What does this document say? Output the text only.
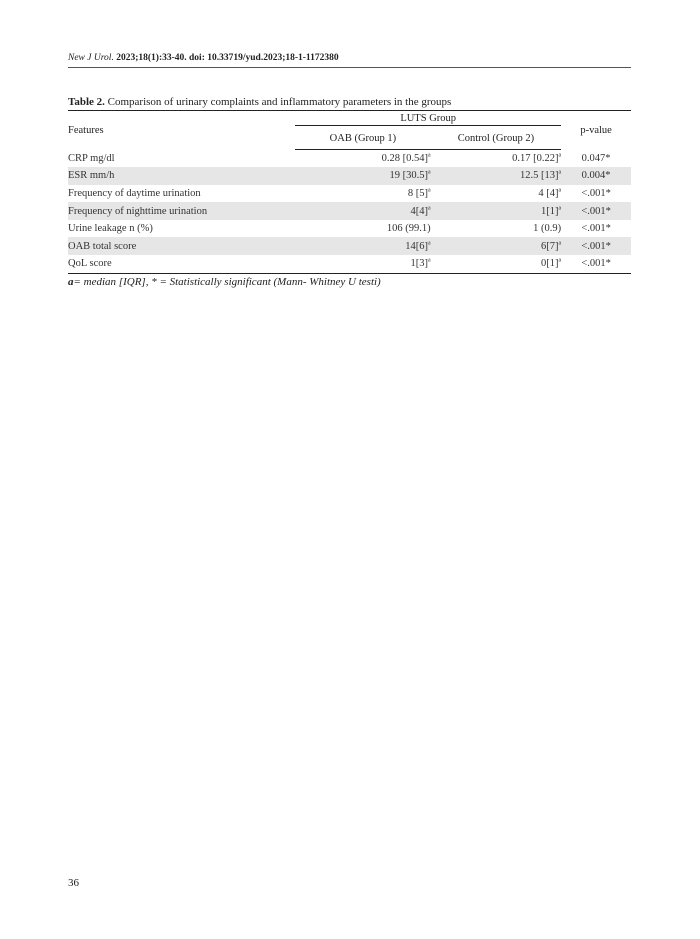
New J Urol. 2023;18(1):33-40. doi: 10.33719/yud.2023;18-1-1172380
Table 2. Comparison of urinary complaints and inflammatory parameters in the groups
Features	LUTS Group		p-value
	OAB (Group 1)	Control (Group 2)	
CRP mg/dl	0.28 $[0.54]^a$	0.17 $[0.22]^a$	0.047*
ESR mm/h	19 $[30.5]^a$	12.5 $[13]^a$	0.004*
Frequency of daytime urination	8 $[5]^a$	4 $[4]^a$	<.001*
Frequency of nighttime urination	$4[4]^a$	$1[1]^a$	<.001*
Urine leakage n (%)	106 (99.1)	1 (0.9)	<.001*
OAB total score	$14[6]^a$	$6[7]^a$	<.001*
QoL score	$1[3]^a$	$0[1]^a$	<.001*
a= median [IQR], * = Statistically significant (Mann- Whitney U testi)
36
